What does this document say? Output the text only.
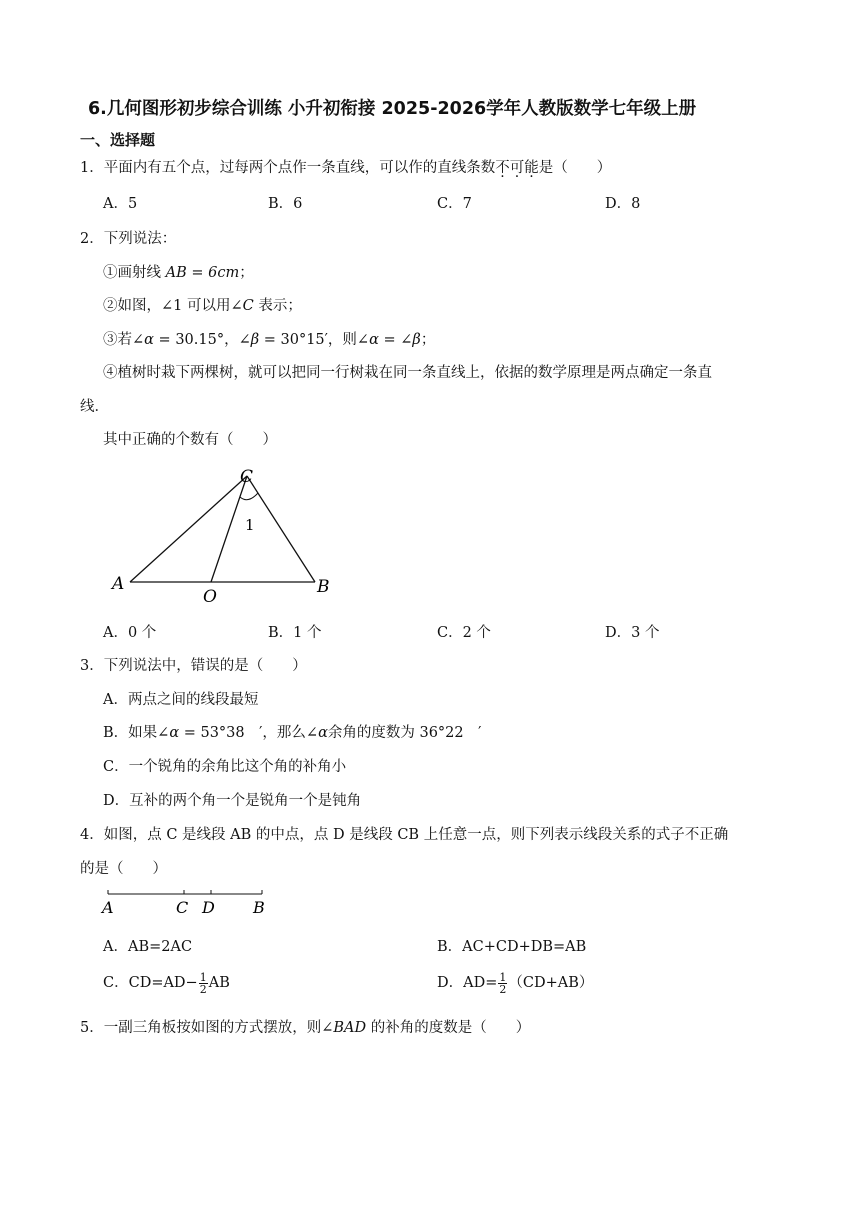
6.几何图形初步综合训练 小升初衔接 2025-2026学年人教版数学七年级上册
一、选择题
1．平面内有五个点，过每两个点作一条直线，可以作的直线条数不可能是（　　）
A．5	B．6	C．7	D．8
2．下列说法：
①画射线 AB = 6cm；
②如图，∠1 可以用∠C 表示；
③若∠α = 30.15°，∠β = 30°15′，则∠α = ∠β；
④植树时栽下两棵树，就可以把同一行树栽在同一条直线上，依据的数学原理是两点确定一条直
线．
其中正确的个数有（　　）
C
1
A
O	B
A．0 个	B．1 个	C．2 个	D．3 个
3．下列说法中，错误的是（　　）
A．两点之间的线段最短
B．如果∠α = 53°38　′，那么∠α余角的度数为 36°22　′
C．一个锐角的余角比这个角的补角小
D．互补的两个角一个是锐角一个是钝角
4．如图，点 C 是线段 AB 的中点，点 D 是线段 CB 上任意一点，则下列表示线段关系的式子不正确
的是（　　）
A	C D B
A．AB=2AC	B．AC+CD+DB=AB
C．$CD=AD- \frac{1}{2}$ AB	D．$AD= \frac{1}{2} (CD+AB)$
5．一副三角板按如图的方式摆放，则∠BAD 的补角的度数是（　　）
